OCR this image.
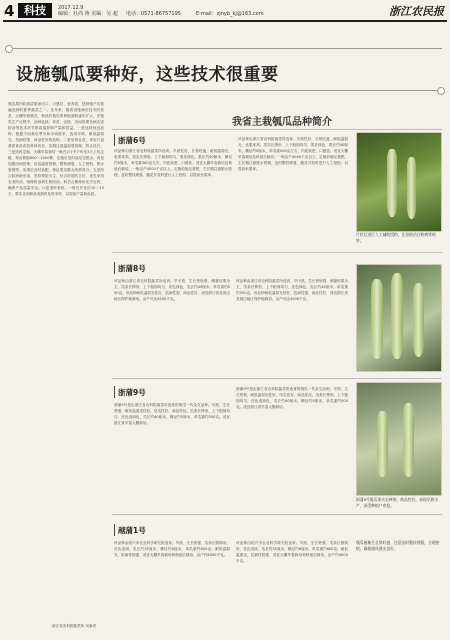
4 科技	2017.12.9
编辑：杜尚 蒋 美编：吴 超 电话：0571-86757195	E-mail：zjnyb_kj@163.com	浙江农民报
设施瓠瓜要种好，这些技术很重要
瓠瓜果肉软和清甜而可口，口感好、营养高，是种植户们普遍选择的夏季蔬菜之一。近年来，随着设施栽培技术的普及，大棚早熟瓠瓜、秋延后瓠瓜的种植面积逐年扩大。在瓠瓜生产过程中，品种选择、育苗、定植、田间管理及病虫害防治等技术环节都直接影响产量和效益。一是选择优良品种，根据不同栽培季节和市场需求，选用早熟、耐低温弱光、抗病性强、商品性好的品种。二是培育壮苗，采用穴盘基质育苗或营养钵育苗，苗期注意温湿度管理，防止徒长。三是适时定植，大棚早春栽培一般在2月中下旬至3月上旬定植，每亩种植800～1000株，定植后及时浇足定根水。四是加强田间管理，包括温度管理、整枝理蔓、人工授粉、肥水管理等，坐果后及时追肥，保证果实膨大所需养分。五是综合防治病虫害，坚持预防为主、综合防治的方针，优先采用农业防治、物理防治和生物防治，科学合理使用化学农药，确保产品质量安全。六是适时采收，一般在开花后10～15天，果实达到商品成熟时及时采收，以提高产量和品质。
浙江省农科院蔬菜所 吴新亮
我省主栽瓠瓜品种简介
浙蒲6号
该品种由浙江省农科院蔬菜所选育。早熟性好，长势旺盛，耐低温弱光，坐果率高。果实长棒形，上下粗细均匀，果皮绿色，果长约40厘米，横径约5厘米，单瓜重500克左右，肉质致密，口感佳。适宜大棚早春栽培及秋延后栽培。一般亩产4000千克以上。定植前施足基肥，生长期注意肥水管理，及时整枝理蔓，雌花开放时进行人工授粉，以提高坐果率。
该品种由浙江省农科院蔬菜所选育。早熟性好，长势旺盛，耐低温弱光，坐果率高。果实长棒形，上下粗细均匀，果皮绿色，果长约40厘米，横径约5厘米，单瓜重500克左右，肉质致密，口感佳。适宜大棚早春栽培及秋延后栽培。一般亩产4000千克以上。定植前施足基肥，生长期注意肥水管理，及时整枝理蔓，雌花开放时进行人工授粉，以提高坐果率。
片状后进行人工辅助授粉，注意防治白粉病等病害。
浙蒲8号
该品种由浙江省农科院蔬菜所选育。早中熟，生长势较强，侧蔓结果为主，瓜条长棒形，上下粗细均匀，皮色绿色，瓜长约45厘米，单瓜重约550克。该品种耐低温弱光性好，抗病性强，商品性好，适宜浙江省及周边地区保护地栽培。亩产可达4500千克。
该品种由浙江省农科院蔬菜所选育。早中熟，生长势较强，侧蔓结果为主，瓜条长棒形，上下粗细均匀，皮色绿色，瓜长约45厘米，单瓜重约550克。该品种耐低温弱光性好，抗病性强，商品性好，适宜浙江省及周边地区保护地栽培。亩产可达4500千克。
浙蒲9号
浙蒲9号是由浙江省农科院蔬菜所选育的瓠瓜一代杂交品种。早熟，生长势强，耐低温弱光性好，结瓜性好，商品性佳。瓜条长棒形，上下粗细均匀，皮色浅绿色，瓜长约40厘米，横径约5厘米，单瓜重约500克。适宜浙江省早春大棚栽培。
浙蒲9号是由浙江省农科院蔬菜所选育的瓠瓜一代杂交品种。早熟，生长势强，耐低温弱光性好，结瓜性好，商品性佳。瓜条长棒形，上下粗细均匀，皮色浅绿色，瓜长约40厘米，横径约5厘米，单瓜重约500克。适宜浙江省早春大棚栽培。
浙蒲9号瓠瓜果实长棒形，商品性好，表现早熟丰产，深受种植户欢迎。
越蒲1号
该品种由绍兴市农业科学研究院选育。早熟，生长势强，瓜条长圆筒形，皮色浅绿，瓜长约35厘米，横径约6厘米，单瓜重约600克。耐低温弱光，抗病性较强，适宜大棚早春栽培和秋延后栽培。亩产约4000千克。
该品种由绍兴市农业科学研究院选育。早熟，生长势强，瓜条长圆筒形，皮色浅绿，瓜长约35厘米，横径约6厘米，单瓜重约600克。耐低温弱光，抗病性较强，适宜大棚早春栽培和秋延后栽培。亩产约4000千克。
瓠瓜植株生长势旺盛，注意及时整枝理蔓，合理密植，确保通风透光良好。
